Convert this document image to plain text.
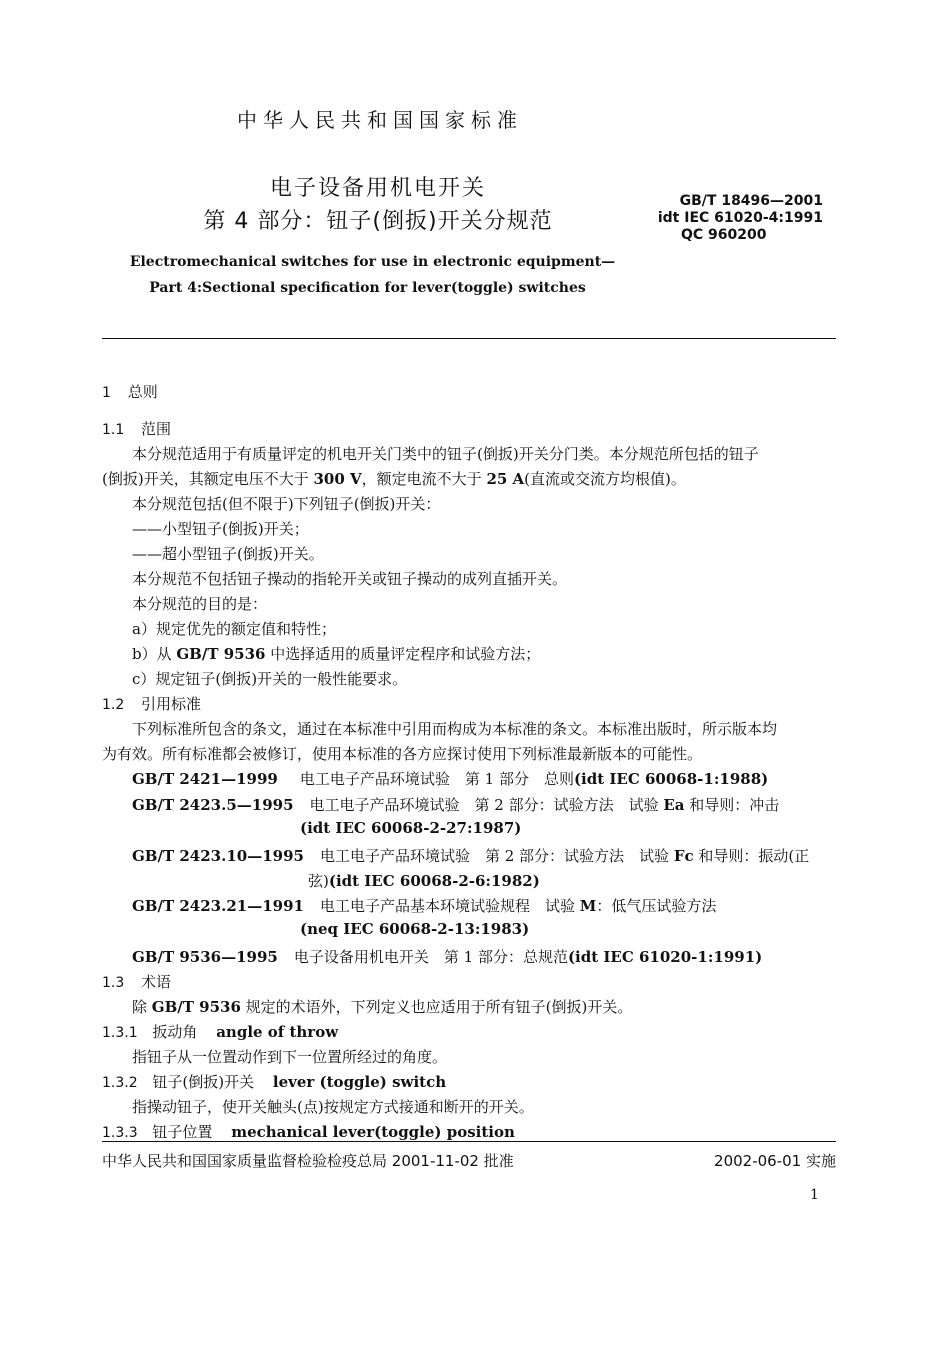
中华人民共和国国家标准
电子设备用机电开关
第 4 部分：钮子(倒扳)开关分规范
GB/T 18496—2001
idt IEC 61020-4:1991
QC 960200
Electromechanical switches for use in electronic equipment—
Part 4:Sectional specification for lever(toggle) switches
1 总则
1.1 范围
本分规范适用于有质量评定的机电开关门类中的钮子(倒扳)开关分门类。本分规范所包括的钮子
(倒扳)开关，其额定电压不大于 300 V，额定电流不大于 25 A(直流或交流方均根值)。
本分规范包括(但不限于)下列钮子(倒扳)开关：
——小型钮子(倒扳)开关；
——超小型钮子(倒扳)开关。
本分规范不包括钮子操动的指轮开关或钮子操动的成列直插开关。
本分规范的目的是：
a）规定优先的额定值和特性；
b）从 GB/T 9536 中选择适用的质量评定程序和试验方法；
c）规定钮子(倒扳)开关的一般性能要求。
1.2 引用标准
下列标准所包含的条文，通过在本标准中引用而构成为本标准的条文。本标准出版时，所示版本均
为有效。所有标准都会被修订，使用本标准的各方应探讨使用下列标准最新版本的可能性。
GB/T 2421—1999 电工电子产品环境试验　第 1 部分　总则(idt IEC 60068-1:1988)
GB/T 2423.5—1995 电工电子产品环境试验　第 2 部分：试验方法　试验 Ea 和导则：冲击
(idt IEC 60068-2-27:1987)
GB/T 2423.10—1995 电工电子产品环境试验　第 2 部分：试验方法　试验 Fc 和导则：振动(正
弦)(idt IEC 60068-2-6:1982)
GB/T 2423.21—1991 电工电子产品基本环境试验规程　试验 M：低气压试验方法
(neq IEC 60068-2-13:1983)
GB/T 9536—1995 电子设备用机电开关　第 1 部分：总规范(idt IEC 61020-1:1991)
1.3 术语
除 GB/T 9536 规定的术语外，下列定义也应适用于所有钮子(倒扳)开关。
1.3.1 扳动角 angle of throw
指钮子从一位置动作到下一位置所经过的角度。
1.3.2 钮子(倒扳)开关 lever (toggle) switch
指操动钮子，使开关触头(点)按规定方式接通和断开的开关。
1.3.3 钮子位置 mechanical lever(toggle) position
中华人民共和国国家质量监督检验检疫总局 2001-11-02 批准	2002-06-01 实施
1
